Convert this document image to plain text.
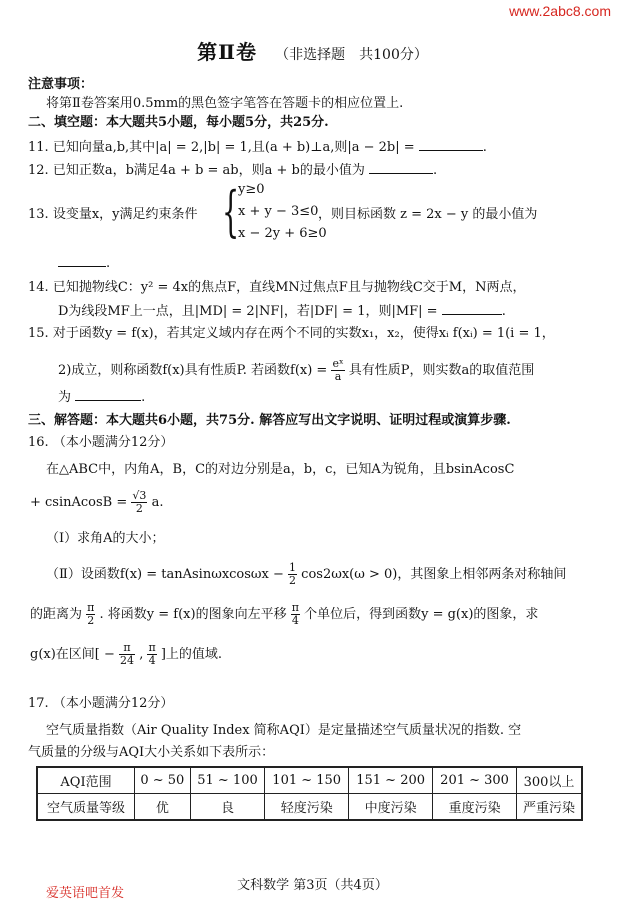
www.2abc8.com
第Ⅱ卷 （非选择题　共100分）
注意事项：
将第Ⅱ卷答案用0.5mm的黑色签字笔答在答题卡的相应位置上.
二、填空题：本大题共5小题，每小题5分，共25分.
11. 已知向量a,b,其中|a| = 2,|b| = 1,且(a + b)⊥a,则|a − 2b| =	.
12. 已知正数a，b满足4a + b = ab，则a + b的最小值为	.
13. 设变量x，y满足约束条件 {
y≥0
x + y − 3≤0
x − 2y + 6≥0
，则目标函数 z = 2x − y 的最小值为
.
14. 已知抛物线C：y² = 4x的焦点F，直线MN过焦点F且与抛物线C交于M，N两点，
D为线段MF上一点，且|MD| = 2|NF|，若|DF| = 1，则|MF| =	.
15. 对于函数y = f(x)，若其定义域内存在两个不同的实数x₁，x₂，使得xᵢ f(xᵢ) = 1(i = 1，
2)成立，则称函数f(x)具有性质P. 若函数$f(x) = \frac{\text{eˣ}}{a}$ 具有性质P，则实数a的取值范围
为	.
三、解答题：本大题共6小题，共75分. 解答应写出文字说明、证明过程或演算步骤.
16. （本小题满分12分）
在△ABC中，内角A，B，C的对边分别是a，b，c，已知A为锐角，且bsinAcosC
+ csinAcosB = $\frac{√3}{2} a$.
（Ⅰ）求角A的大小；
（Ⅱ）设函数f(x) = tanAsinωxcosωx − $\frac{1}{2} \cos 2\omega x(\omega > 0)$，其图象上相邻两条对称轴间
的距离为 $\frac{\pi}{2}$ . 将函数y = f(x)的图象向左平移 $\frac{\pi}{4}$ 个单位后，得到函数y = g(x)的图象，求
g(x)在区间[ − $\frac{\pi}{24}$ , $\frac{\pi}{4}$ ]上的值域.
17. （本小题满分12分）
空气质量指数（Air Quality Index 简称AQI）是定量描述空气质量状况的指数. 空
气质量的分级与AQI大小关系如下表所示：
AQI范围	0 ~ 50	51 ~ 100	101 ~ 150	151 ~ 200	201 ~ 300	300以上
空气质量等级	优	良	轻度污染	中度污染	重度污染	严重污染
文科数学 第3页（共4页）
爱英语吧首发
